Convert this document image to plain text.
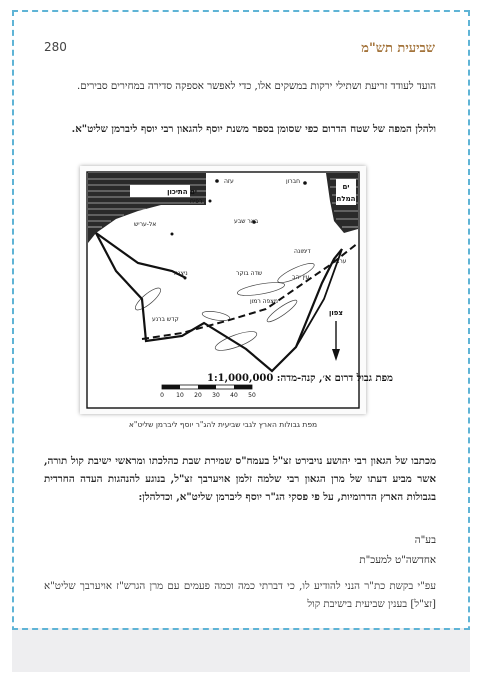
שביעית תש"מ
280

הועד לעודד זריעת ושתילי ירקות במשקים אלו, כדי לאפשר אספקה סדירה במחירים סבירים.

ולהלן המפה של שטח הדרום כפי שסומן בספר משנת יוסף להגאון רבי יוסף ליברמן שליט"א.

ים התיכון
ים
המלח
עזה	חברון
רפיח
באר שבע
אל-עריש
ניצנה	שדה בוקר
מצפה רמון
עין יהב
קדש ברנע
ערבה
דימונה
צפון
מפת גבול דרום א׳, קנה-מדה: 1:1,000,000
0 10 20 30 40 50
מפת גבולות הארץ לגבי שביעית להג"ר יוסף ליברמן שליט"א

מכתבו של הגאון רבי יהושע נויבירט זצ"ל בעמח"ס שמירת שבת כהלכתו ומראשי ישיבת קול תורה, אשר מביע דעתו של מרן הגאון רבי שלמה זלמן אויערבך זצ"ל, בנוגע להנהגות העדה החרדית בגבולות הארץ הדרומיות, על פי פסקי הג"ר יוסף ליברמן שליט"א, וכדלהלן:

בע"ה

אחדשה"ט למעכ"ת

עפ"י בקשת כת"ר הנני להודיע לו, כי דברתי כמה וכמה פעמים עם מרן הגרש"ז אויערבך שליט"א [זצ"ל] בענין שביעית בישיבת קול
